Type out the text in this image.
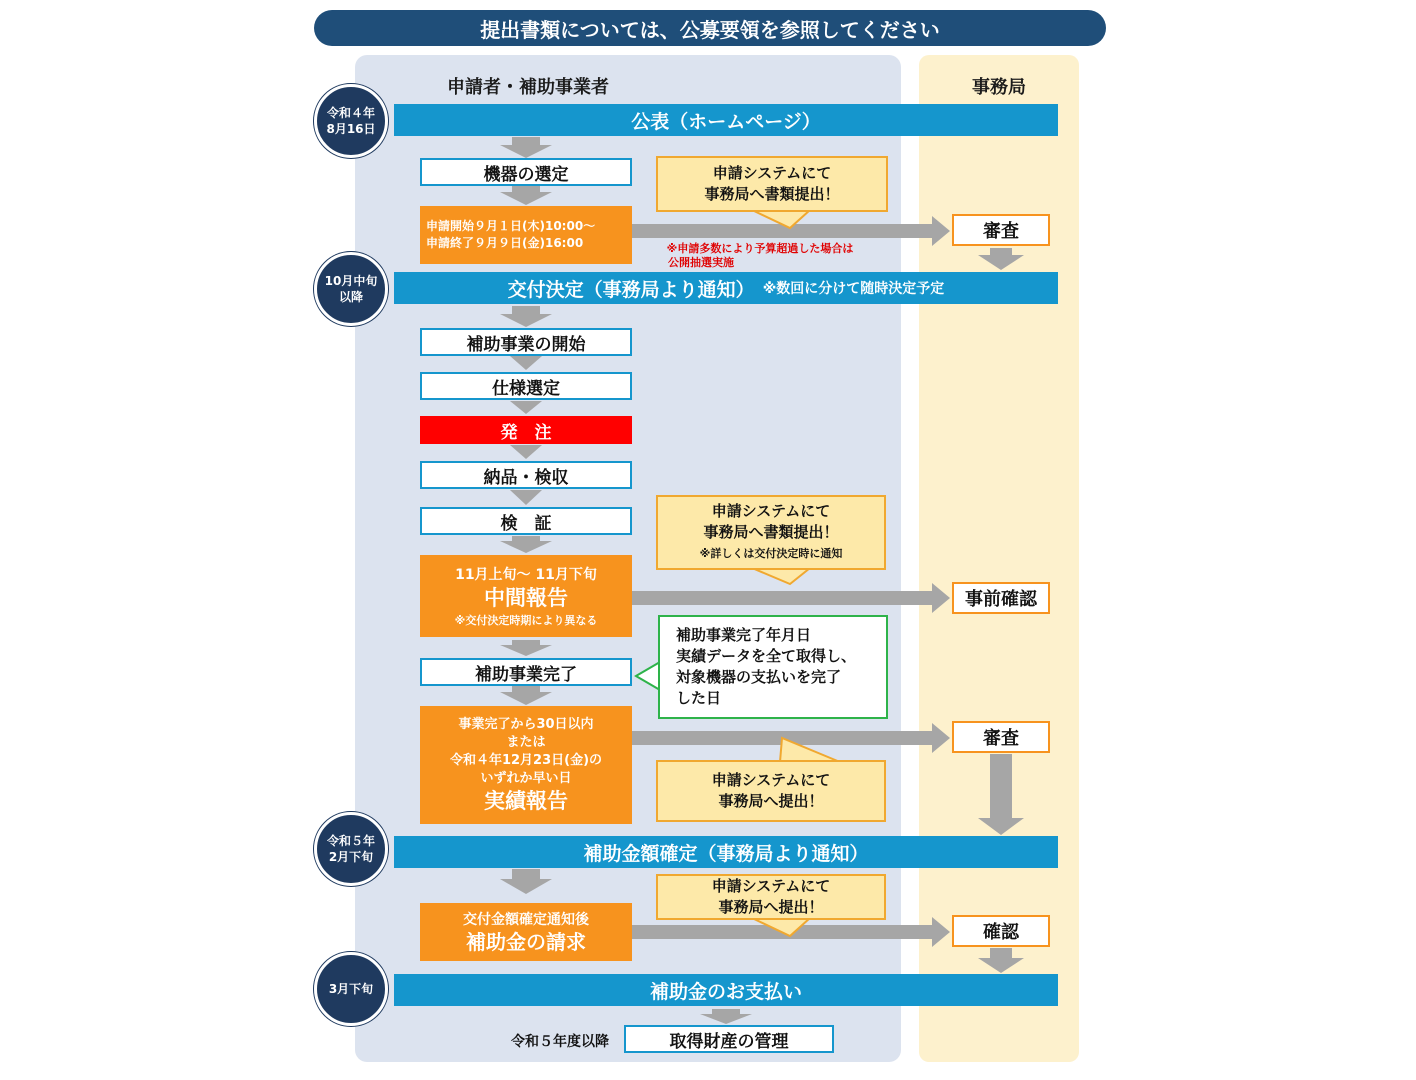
提出書類については、公募要領を参照してください
申請者・補助事業者	事務局
公表（ホームページ）
交付決定（事務局より通知） ※数回に分けて随時決定予定
補助金額確定（事務局より通知）
補助金のお支払い
令和４年
8月16日
10月中旬
以降
令和５年
2月下旬
3月下旬
機器の選定
申請開始９月１日(木)10:00～
申請終了９月９日(金)16:00
補助事業の開始
仕様選定
発　注
納品・検収
検　証
11月上旬～ 11月下旬
中間報告
※交付決定時期により異なる
補助事業完了
事業完了から30日以内
または
令和４年12月23日(金)の
いずれか早い日
実績報告
交付金額確定通知後
補助金の請求
令和５年度以降	取得財産の管理
審査
事前確認
審査
確認
申請システムにて
事務局へ書類提出！
※申請多数により予算超過した場合は
公開抽選実施
申請システムにて
事務局へ書類提出！
※詳しくは交付決定時に通知
補助事業完了年月日
実績データを全て取得し、
対象機器の支払いを完了
した日
申請システムにて
事務局へ提出！
申請システムにて
事務局へ提出！
